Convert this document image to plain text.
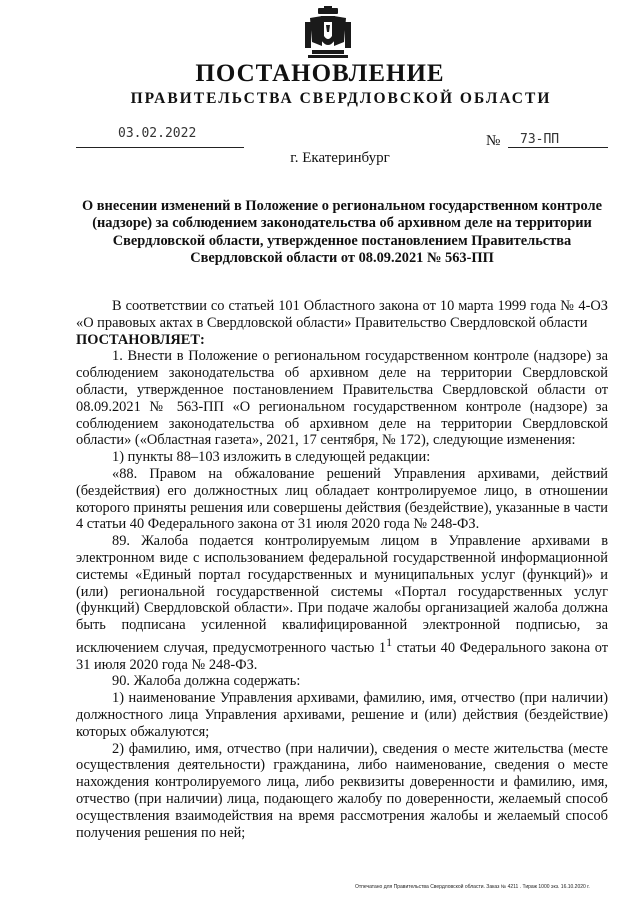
ПОСТАНОВЛЕНИЕ
ПРАВИТЕЛЬСТВА СВЕРДЛОВСКОЙ ОБЛАСТИ
03.02.2022	№ 73-ПП
г. Екатеринбург
О внесении изменений в Положение о региональном государственном контроле (надзоре) за соблюдением законодательства об архивном деле на территории Свердловской области, утвержденное постановлением Правительства Свердловской области от 08.09.2021 № 563-ПП

В соответствии со статьей 101 Областного закона от 10 марта 1999 года № 4-ОЗ «О правовых актах в Свердловской области» Правительство Свердловской области

ПОСТАНОВЛЯЕТ:

1. Внести в Положение о региональном государственном контроле (надзоре) за соблюдением законодательства об архивном деле на территории Свердловской области, утвержденное постановлением Правительства Свердловской области от 08.09.2021 № 563-ПП «О региональном государственном контроле (надзоре) за соблюдением законодательства об архивном деле на территории Свердловской области» («Областная газета», 2021, 17 сентября, № 172), следующие изменения:

1) пункты 88–103 изложить в следующей редакции:

«88. Правом на обжалование решений Управления архивами, действий (бездействия) его должностных лиц обладает контролируемое лицо, в отношении которого приняты решения или совершены действия (бездействие), указанные в части 4 статьи 40 Федерального закона от 31 июля 2020 года № 248-ФЗ.

89. Жалоба подается контролируемым лицом в Управление архивами в электронном виде с использованием федеральной государственной информационной системы «Единый портал государственных и муниципальных услуг (функций)» и (или) региональной государственной системы «Портал государственных услуг (функций) Свердловской области». При подаче жалобы организацией жалоба должна быть подписана усиленной квалифицированной электронной подписью, за исключением случая, предусмотренного частью $1^1$ статьи 40 Федерального закона от 31 июля 2020 года № 248-ФЗ.

90. Жалоба должна содержать:

1) наименование Управления архивами, фамилию, имя, отчество (при наличии) должностного лица Управления архивами, решение и (или) действия (бездействие) которых обжалуются;

2) фамилию, имя, отчество (при наличии), сведения о месте жительства (месте осуществления деятельности) гражданина, либо наименование, сведения о месте нахождения контролируемого лица, либо реквизиты доверенности и фамилию, имя, отчество (при наличии) лица, подающего жалобу по доверенности, желаемый способ осуществления взаимодействия на время рассмотрения жалобы и желаемый способ получения решения по ней;

Отпечатано для Правительства Свердловской области. Заказ № 4211 . Тираж 1000 экз. 16.10.2020 г.
